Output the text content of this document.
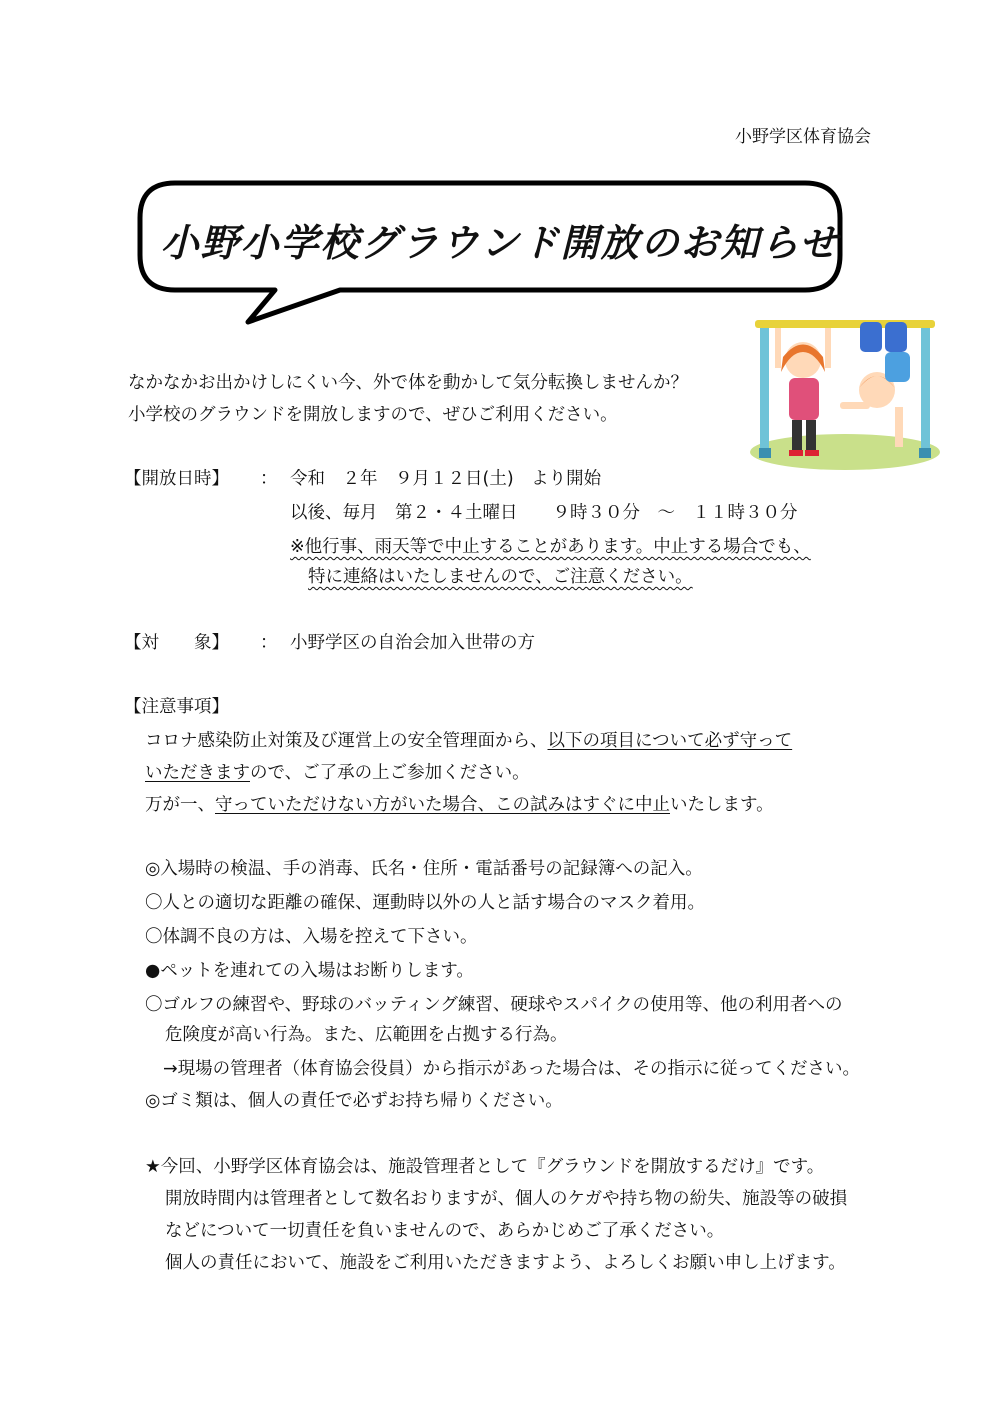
小野学区体育協会
小野小学校グラウンド開放のお知らせ
なかなかお出かけしにくい今、外で体を動かして気分転換しませんか？
小学校のグラウンドを開放しますので、ぜひご利用ください。
【開放日時】 ： 令和　２年　９月１２日(土)　より開始
以後、毎月　第２・４土曜日　　９時３０分　～　１１時３０分
※他行事、雨天等で中止することがあります。中止する場合でも、
特に連絡はいたしませんので、ご注意ください。
【対　　象】 ： 小野学区の自治会加入世帯の方
【注意事項】
コロナ感染防止対策及び運営上の安全管理面から、以下の項目について必ず守って
いただきますので、ご了承の上ご参加ください。
万が一、守っていただけない方がいた場合、この試みはすぐに中止いたします。
◎入場時の検温、手の消毒、氏名・住所・電話番号の記録簿への記入。
〇人との適切な距離の確保、運動時以外の人と話す場合のマスク着用。
〇体調不良の方は、入場を控えて下さい。
●ペットを連れての入場はお断りします。
〇ゴルフの練習や、野球のバッティング練習、硬球やスパイクの使用等、他の利用者への
危険度が高い行為。また、広範囲を占拠する行為。
→現場の管理者（体育協会役員）から指示があった場合は、その指示に従ってください。
◎ゴミ類は、個人の責任で必ずお持ち帰りください。
★今回、小野学区体育協会は、施設管理者として『グラウンドを開放するだけ』です。
開放時間内は管理者として数名おりますが、個人のケガや持ち物の紛失、施設等の破損
などについて一切責任を負いませんので、あらかじめご了承ください。
個人の責任において、施設をご利用いただきますよう、よろしくお願い申し上げます。
